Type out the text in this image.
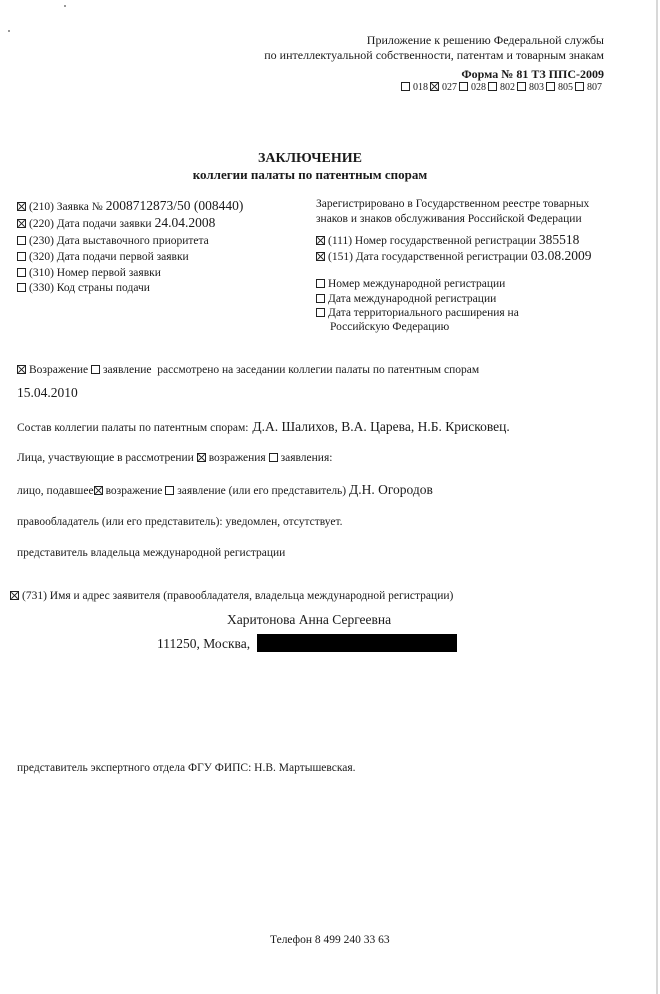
Приложение к решению Федеральной службы
по интеллектуальной собственности, патентам и товарным знакам
Форма № 81 ТЗ ППС-2009
018 027 028 802 803 805 807
ЗАКЛЮЧЕНИЕ
коллегии палаты по патентным спорам
(210) Заявка № 2008712873/50 (008440)
(220) Дата подачи заявки 24.04.2008
(230) Дата выставочного приоритета
(320) Дата подачи первой заявки
(310) Номер первой заявки
(330) Код страны подачи
Зарегистрировано в Государственном реестре товарных
знаков и знаков обслуживания Российской Федерации
(111) Номер государственной регистрации 385518
(151) Дата государственной регистрации 03.08.2009
Номер международной регистрации
Дата международной регистрации
Дата территориального расширения на
Российскую Федерацию
Возражение заявление рассмотрено на заседании коллегии палаты по патентным спорам
15.04.2010
Состав коллегии палаты по патентным спорам: Д.А. Шалихов, В.А. Царева, Н.Б. Крисковец.
Лица, участвующие в рассмотрении возражения заявления:
лицо, подавшее возражение заявление (или его представитель) Д.Н. Огородов
правообладатель (или его представитель): уведомлен, отсутствует.
представитель владельца международной регистрации
(731) Имя и адрес заявителя (правообладателя, владельца международной регистрации)
Харитонова Анна Сергеевна
111250, Москва,
представитель экспертного отдела ФГУ ФИПС: Н.В. Мартышевская.
Телефон 8 499 240 33 63
